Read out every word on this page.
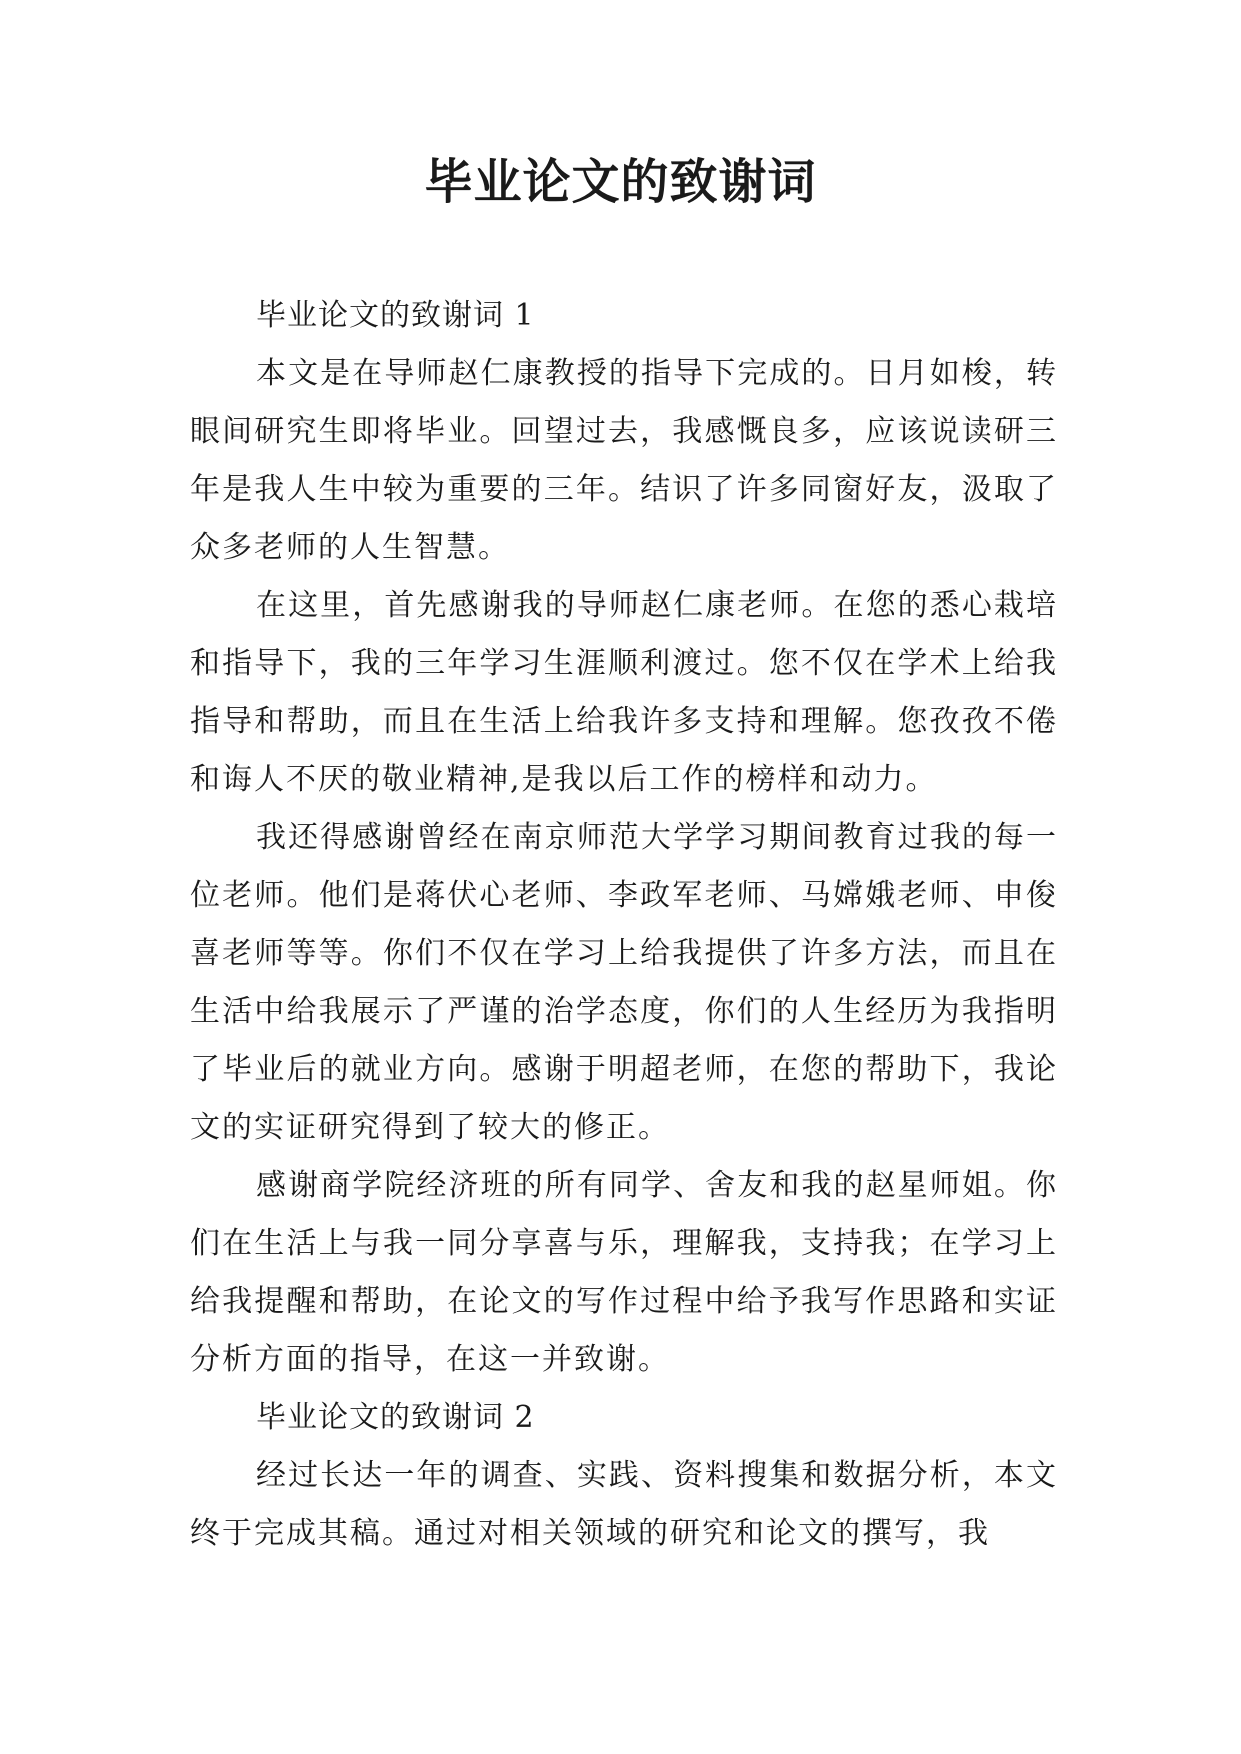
毕业论文的致谢词

毕业论文的致谢词 1

本文是在导师赵仁康教授的指导下完成的。日月如梭，转眼间研究生即将毕业。回望过去，我感慨良多，应该说读研三年是我人生中较为重要的三年。结识了许多同窗好友，汲取了众多老师的人生智慧。

在这里，首先感谢我的导师赵仁康老师。在您的悉心栽培和指导下，我的三年学习生涯顺利渡过。您不仅在学术上给我指导和帮助，而且在生活上给我许多支持和理解。您孜孜不倦和诲人不厌的敬业精神,是我以后工作的榜样和动力。

我还得感谢曾经在南京师范大学学习期间教育过我的每一位老师。他们是蒋伏心老师、李政军老师、马嫦娥老师、申俊喜老师等等。你们不仅在学习上给我提供了许多方法，而且在生活中给我展示了严谨的治学态度，你们的人生经历为我指明了毕业后的就业方向。感谢于明超老师，在您的帮助下，我论文的实证研究得到了较大的修正。

感谢商学院经济班的所有同学、舍友和我的赵星师姐。你们在生活上与我一同分享喜与乐，理解我，支持我；在学习上给我提醒和帮助，在论文的写作过程中给予我写作思路和实证分析方面的指导，在这一并致谢。

毕业论文的致谢词 2

经过长达一年的调查、实践、资料搜集和数据分析，本文终于完成其稿。通过对相关领域的研究和论文的撰写，我
